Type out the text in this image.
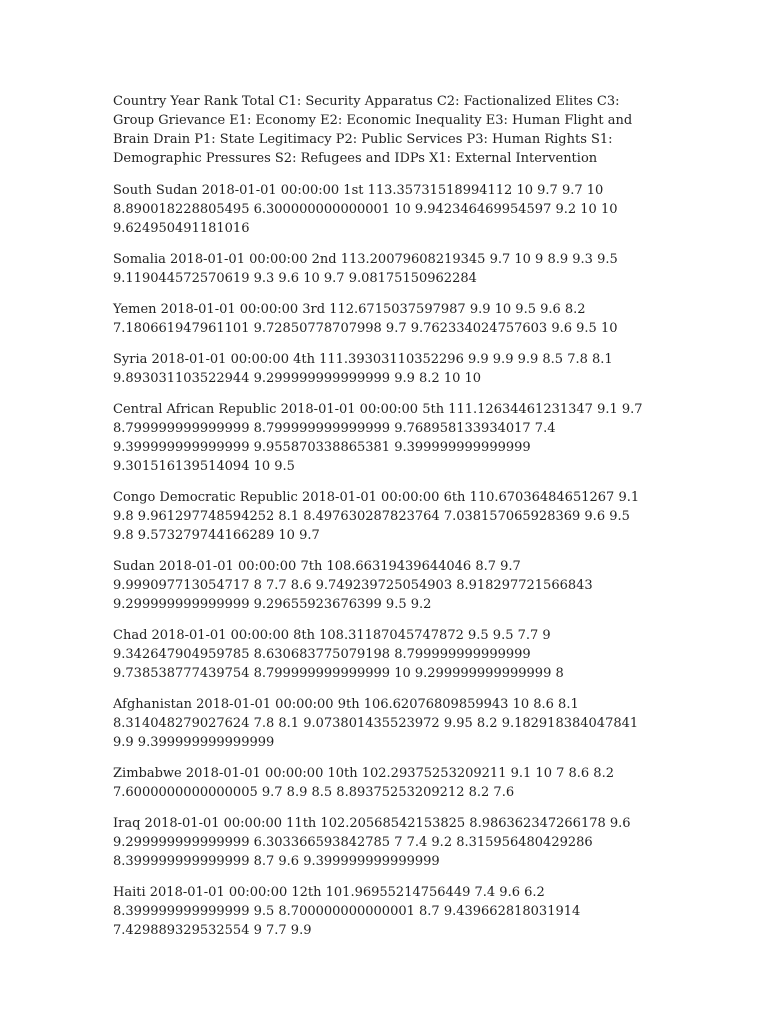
Country Year Rank Total C1: Security Apparatus C2: Factionalized Elites C3: Group Grievance E1: Economy E2: Economic Inequality E3: Human Flight and Brain Drain P1: State Legitimacy P2: Public Services P3: Human Rights S1: Demographic Pressures S2: Refugees and IDPs X1: External Intervention

South Sudan 2018-01-01 00:00:00 1st 113.35731518994112 10 9.7 9.7 10 8.890018228805495 6.300000000000001 10 9.942346469954597 9.2 10 10 9.624950491181016

Somalia 2018-01-01 00:00:00 2nd 113.20079608219345 9.7 10 9 8.9 9.3 9.5 9.119044572570619 9.3 9.6 10 9.7 9.08175150962284

Yemen 2018-01-01 00:00:00 3rd 112.6715037597987 9.9 10 9.5 9.6 8.2 7.180661947961101 9.72850778707998 9.7 9.762334024757603 9.6 9.5 10

Syria 2018-01-01 00:00:00 4th 111.39303110352296 9.9 9.9 9.9 8.5 7.8 8.1 9.893031103522944 9.299999999999999 9.9 8.2 10 10

Central African Republic 2018-01-01 00:00:00 5th 111.12634461231347 9.1 9.7 8.799999999999999 8.799999999999999 9.768958133934017 7.4 9.399999999999999 9.955870338865381 9.399999999999999 9.301516139514094 10 9.5

Congo Democratic Republic 2018-01-01 00:00:00 6th 110.67036484651267 9.1 9.8 9.961297748594252 8.1 8.497630287823764 7.038157065928369 9.6 9.5 9.8 9.573279744166289 10 9.7

Sudan 2018-01-01 00:00:00 7th 108.66319439644046 8.7 9.7 9.999097713054717 8 7.7 8.6 9.749239725054903 8.918297721566843 9.299999999999999 9.29655923676399 9.5 9.2

Chad 2018-01-01 00:00:00 8th 108.31187045747872 9.5 9.5 7.7 9 9.342647904959785 8.630683775079198 8.799999999999999 9.738538777439754 8.799999999999999 10 9.299999999999999 8

Afghanistan 2018-01-01 00:00:00 9th 106.62076809859943 10 8.6 8.1 8.314048279027624 7.8 8.1 9.073801435523972 9.95 8.2 9.182918384047841 9.9 9.399999999999999

Zimbabwe 2018-01-01 00:00:00 10th 102.29375253209211 9.1 10 7 8.6 8.2 7.6000000000000005 9.7 8.9 8.5 8.89375253209212 8.2 7.6

Iraq 2018-01-01 00:00:00 11th 102.20568542153825 8.986362347266178 9.6 9.299999999999999 6.303366593842785 7 7.4 9.2 8.315956480429286 8.399999999999999 8.7 9.6 9.399999999999999

Haiti 2018-01-01 00:00:00 12th 101.96955214756449 7.4 9.6 6.2 8.399999999999999 9.5 8.700000000000001 8.7 9.439662818031914 7.429889329532554 9 7.7 9.9
